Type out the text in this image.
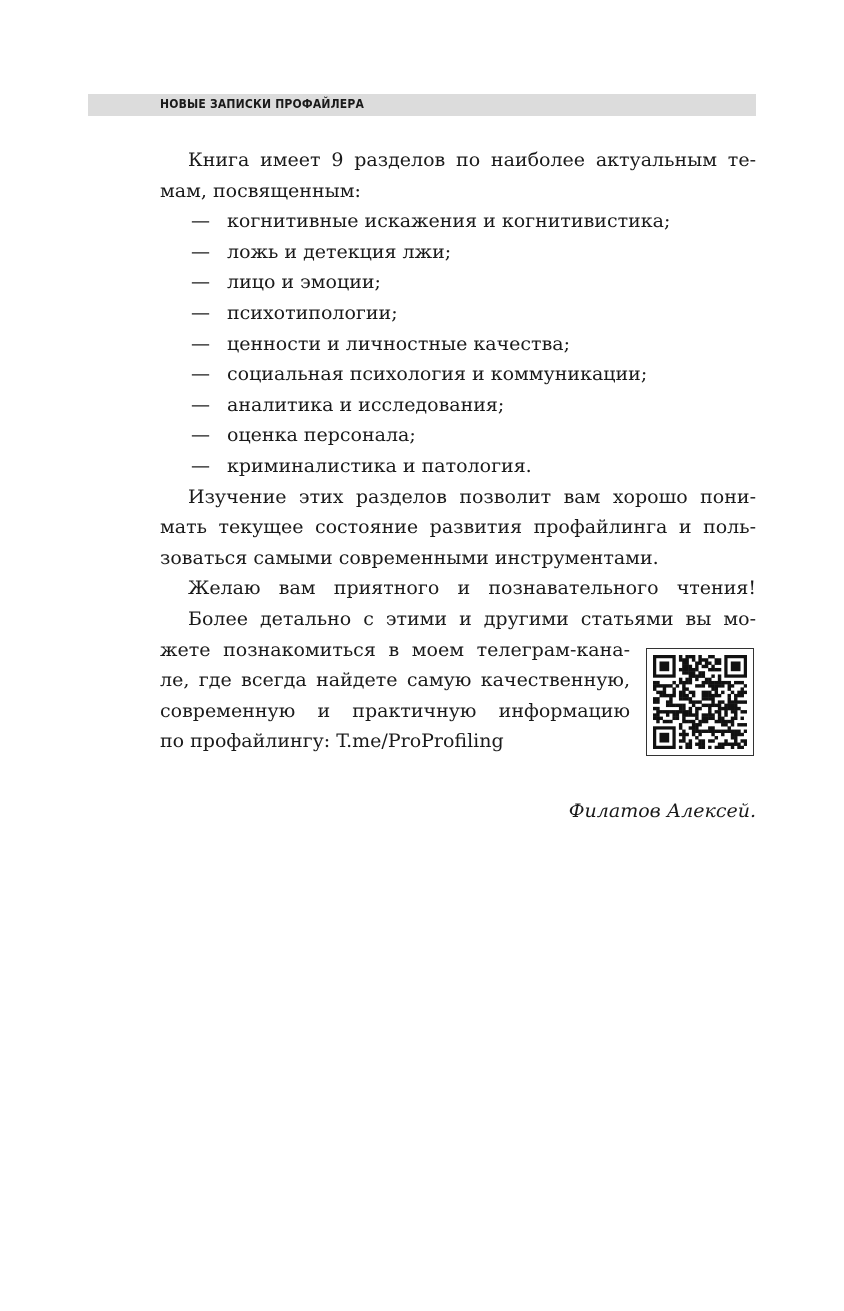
НОВЫЕ ЗАПИСКИ ПРОФАЙЛЕРА
Книга имеет 9 разделов по наиболее актуальным те-
мам, посвященным:
— когнитивные искажения и когнитивистика;
— ложь и детекция лжи;
— лицо и эмоции;
— психотипологии;
— ценности и личностные качества;
— социальная психология и коммуникации;
— аналитика и исследования;
— оценка персонала;
— криминалистика и патология.
Изучение этих разделов позволит вам хорошо пони-
мать текущее состояние развития профайлинга и поль-
зоваться самыми современными инструментами.
Желаю вам приятного и познавательного чтения!
Более детально с этими и другими статьями вы мо-
жете познакомиться в моем телеграм-кана-
ле, где всегда найдете самую качественную,
современную и практичную информацию
по профайлингу: T.me/ProProfiling
Филатов Алексей.
